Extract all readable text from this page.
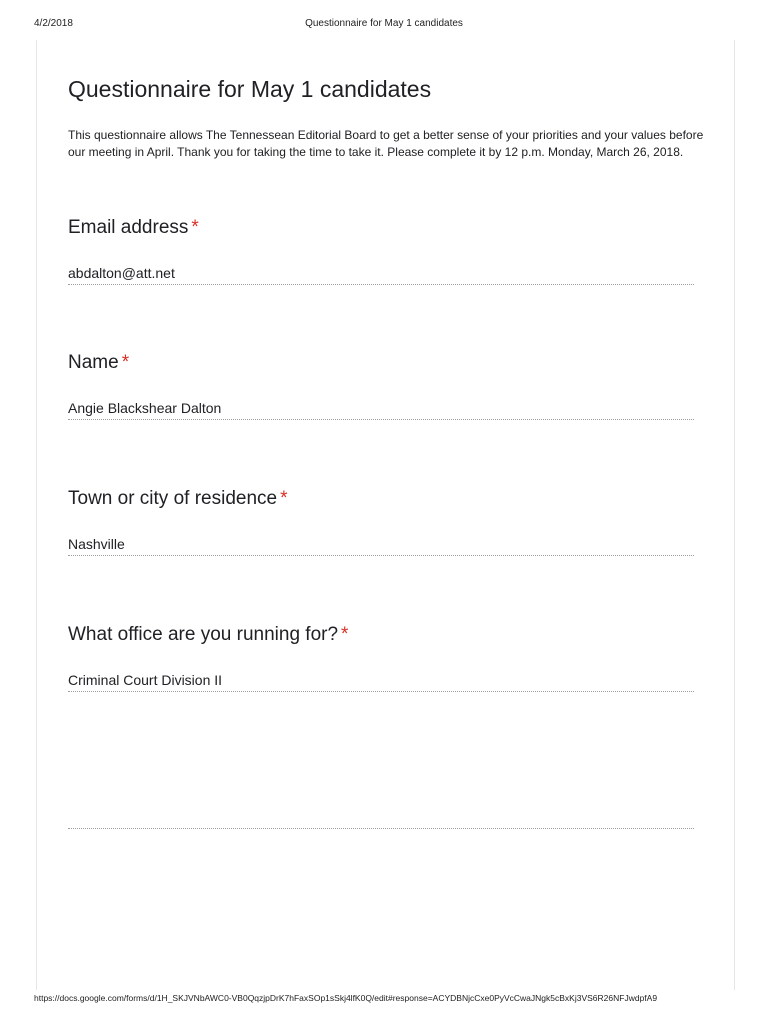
4/2/2018	Questionnaire for May 1 candidates
Questionnaire for May 1 candidates
This questionnaire allows The Tennessean Editorial Board to get a better sense of your priorities and your values before our meeting in April. Thank you for taking the time to take it. Please complete it by 12 p.m. Monday, March 26, 2018.
Email address *
abdalton@att.net
Name *
Angie Blackshear Dalton
Town or city of residence *
Nashville
What office are you running for? *
Criminal Court Division II
https://docs.google.com/forms/d/1H_SKJVNbAWC0-VB0QqzjpDrK7hFaxSOp1sSkj4lfK0Q/edit#response=ACYDBNjcCxe0PyVcCwaJNgk5cBxKj3VS6R26NFJwdpfA9
